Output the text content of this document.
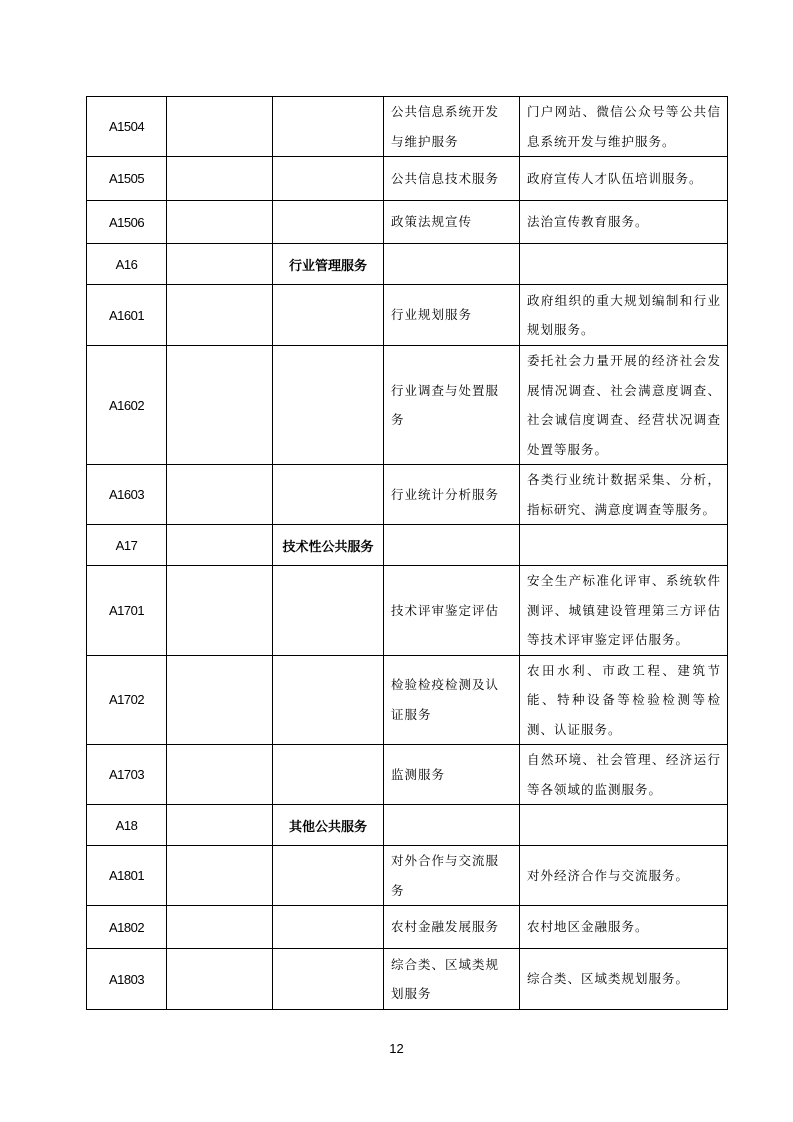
A1504			公共信息系统开发与维护服务	门户网站、微信公众号等公共信息系统开发与维护服务。
A1505			公共信息技术服务	政府宣传人才队伍培训服务。
A1506			政策法规宣传	法治宣传教育服务。
A16		行业管理服务		
A1601			行业规划服务	政府组织的重大规划编制和行业规划服务。
A1602			行业调查与处置服务	委托社会力量开展的经济社会发展情况调查、社会满意度调查、社会诚信度调查、经营状况调查处置等服务。
A1603			行业统计分析服务	各类行业统计数据采集、分析，指标研究、满意度调查等服务。
A17		技术性公共服务		
A1701			技术评审鉴定评估	安全生产标准化评审、系统软件测评、城镇建设管理第三方评估等技术评审鉴定评估服务。
A1702			检验检疫检测及认证服务	农田水利、市政工程、建筑节能、特种设备等检验检测等检测、认证服务。
A1703			监测服务	自然环境、社会管理、经济运行等各领域的监测服务。
A18		其他公共服务		
A1801			对外合作与交流服务	对外经济合作与交流服务。
A1802			农村金融发展服务	农村地区金融服务。
A1803			综合类、区域类规划服务	综合类、区域类规划服务。
12
